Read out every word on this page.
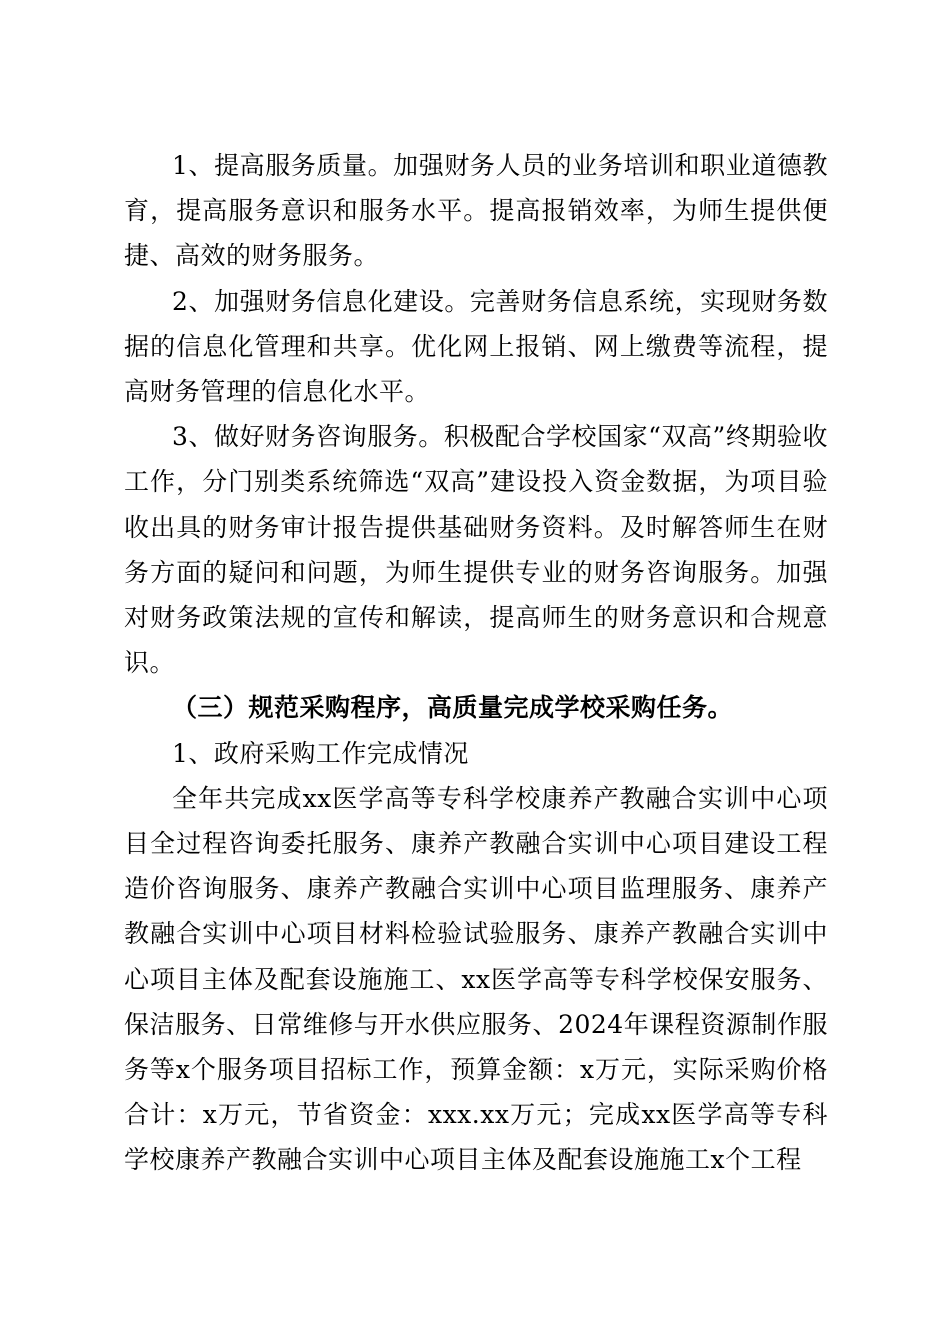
1、提高服务质量。加强财务人员的业务培训和职业道德教育，提高服务意识和服务水平。提高报销效率，为师生提供便捷、高效的财务服务。

2、加强财务信息化建设。完善财务信息系统，实现财务数据的信息化管理和共享。优化网上报销、网上缴费等流程，提高财务管理的信息化水平。

3、做好财务咨询服务。积极配合学校国家“双高”终期验收工作，分门别类系统筛选“双高”建设投入资金数据，为项目验收出具的财务审计报告提供基础财务资料。及时解答师生在财务方面的疑问和问题，为师生提供专业的财务咨询服务。加强对财务政策法规的宣传和解读，提高师生的财务意识和合规意识。

（三）规范采购程序，高质量完成学校采购任务。

1、政府采购工作完成情况

全年共完成xx医学高等专科学校康养产教融合实训中心项目全过程咨询委托服务、康养产教融合实训中心项目建设工程造价咨询服务、康养产教融合实训中心项目监理服务、康养产教融合实训中心项目材料检验试验服务、康养产教融合实训中心项目主体及配套设施施工、xx医学高等专科学校保安服务、保洁服务、日常维修与开水供应服务、2024年课程资源制作服务等x个服务项目招标工作，预算金额：x万元，实际采购价格合计：x万元，节省资金：xxx.xx万元；完成xx医学高等专科学校康养产教融合实训中心项目主体及配套设施施工x个工程
